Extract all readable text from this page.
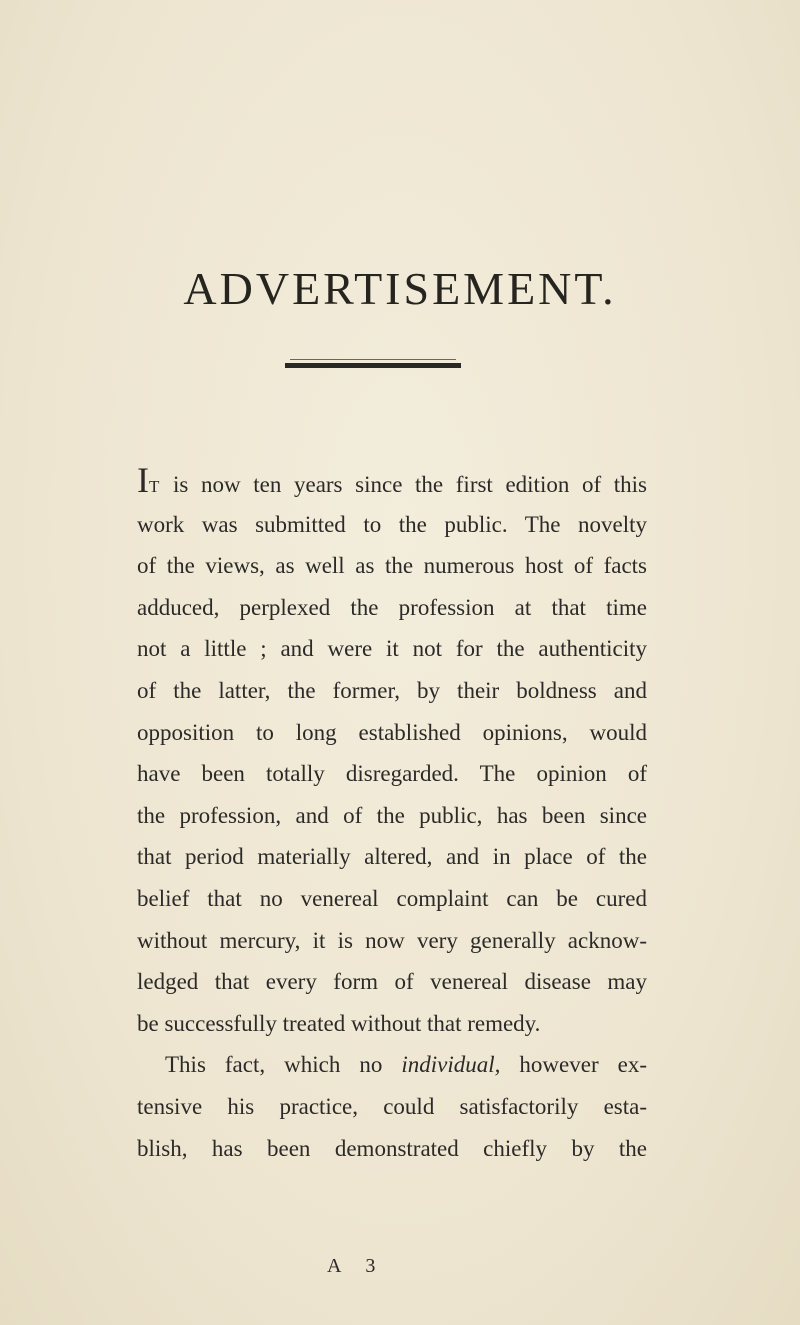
ADVERTISEMENT.
IT is now ten years since the first edition of this
work was submitted to the public. The novelty
of the views, as well as the numerous host of facts
adduced, perplexed the profession at that time
not a little ; and were it not for the authenticity
of the latter, the former, by their boldness and
opposition to long established opinions, would
have been totally disregarded. The opinion of
the profession, and of the public, has been since
that period materially altered, and in place of the
belief that no venereal complaint can be cured
without mercury, it is now very generally acknow-
ledged that every form of venereal disease may
be successfully treated without that remedy.
This fact, which no individual, however ex-
tensive his practice, could satisfactorily esta-
blish, has been demonstrated chiefly by the
A 3
